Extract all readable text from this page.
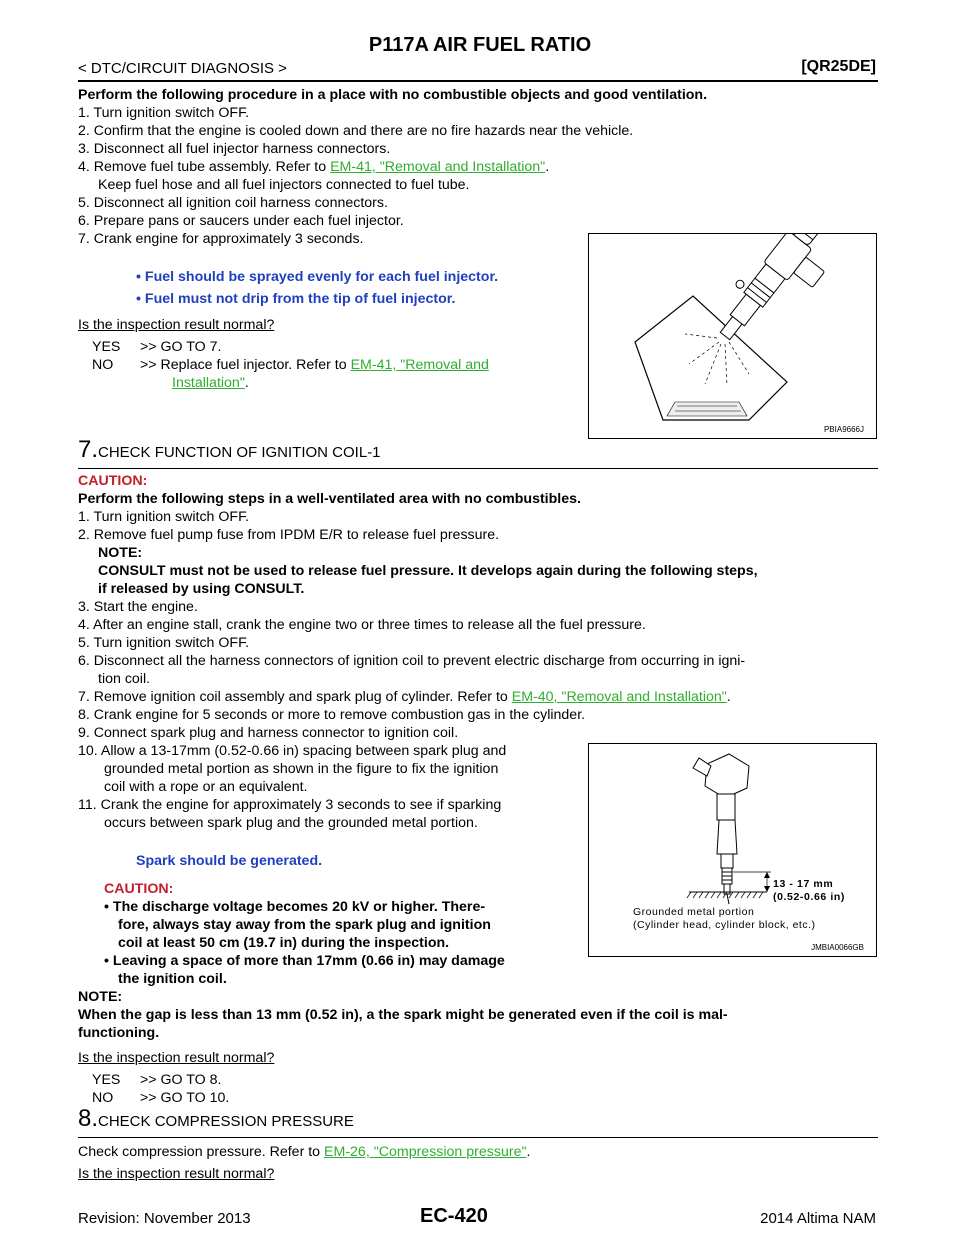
P117A AIR FUEL RATIO
< DTC/CIRCUIT DIAGNOSIS >	[QR25DE]
Perform the following procedure in a place with no combustible objects and good ventilation.
1. Turn ignition switch OFF.
2. Confirm that the engine is cooled down and there are no fire hazards near the vehicle.
3. Disconnect all fuel injector harness connectors.
4. Remove fuel tube assembly. Refer to EM-41, "Removal and Installation".
Keep fuel hose and all fuel injectors connected to fuel tube.
5. Disconnect all ignition coil harness connectors.
6. Prepare pans or saucers under each fuel injector.
7. Crank engine for approximately 3 seconds.
• Fuel should be sprayed evenly for each fuel injector.
• Fuel must not drip from the tip of fuel injector.
Is the inspection result normal?
YES >> GO TO 7.
NO >> Replace fuel injector. Refer to EM-41, "Removal and
Installation".
PBIA9666J
7.CHECK FUNCTION OF IGNITION COIL-1
CAUTION:
Perform the following steps in a well-ventilated area with no combustibles.
1. Turn ignition switch OFF.
2. Remove fuel pump fuse from IPDM E/R to release fuel pressure.
NOTE:
CONSULT must not be used to release fuel pressure. It develops again during the following steps,
if released by using CONSULT.
3. Start the engine.
4. After an engine stall, crank the engine two or three times to release all the fuel pressure.
5. Turn ignition switch OFF.
6. Disconnect all the harness connectors of ignition coil to prevent electric discharge from occurring in igni-
tion coil.
7. Remove ignition coil assembly and spark plug of cylinder. Refer to EM-40, "Removal and Installation".
8. Crank engine for 5 seconds or more to remove combustion gas in the cylinder.
9. Connect spark plug and harness connector to ignition coil.
10. Allow a 13-17mm (0.52-0.66 in) spacing between spark plug and
grounded metal portion as shown in the figure to fix the ignition
coil with a rope or an equivalent.
11. Crank the engine for approximately 3 seconds to see if sparking
occurs between spark plug and the grounded metal portion.
Spark should be generated.
CAUTION:
• The discharge voltage becomes 20 kV or higher. There-
fore, always stay away from the spark plug and ignition
coil at least 50 cm (19.7 in) during the inspection.
• Leaving a space of more than 17mm (0.66 in) may damage
the ignition coil.
NOTE:
When the gap is less than 13 mm (0.52 in), a the spark might be generated even if the coil is mal-
functioning.
Is the inspection result normal?
YES >> GO TO 8.
NO >> GO TO 10.
13 - 17 mm
(0.52-0.66 in)
Grounded metal portion
(Cylinder head, cylinder block, etc.)
JMBIA0066GB
8.CHECK COMPRESSION PRESSURE
Check compression pressure. Refer to EM-26, "Compression pressure".
Is the inspection result normal?
Revision: November 2013	EC-420	2014 Altima NAM
